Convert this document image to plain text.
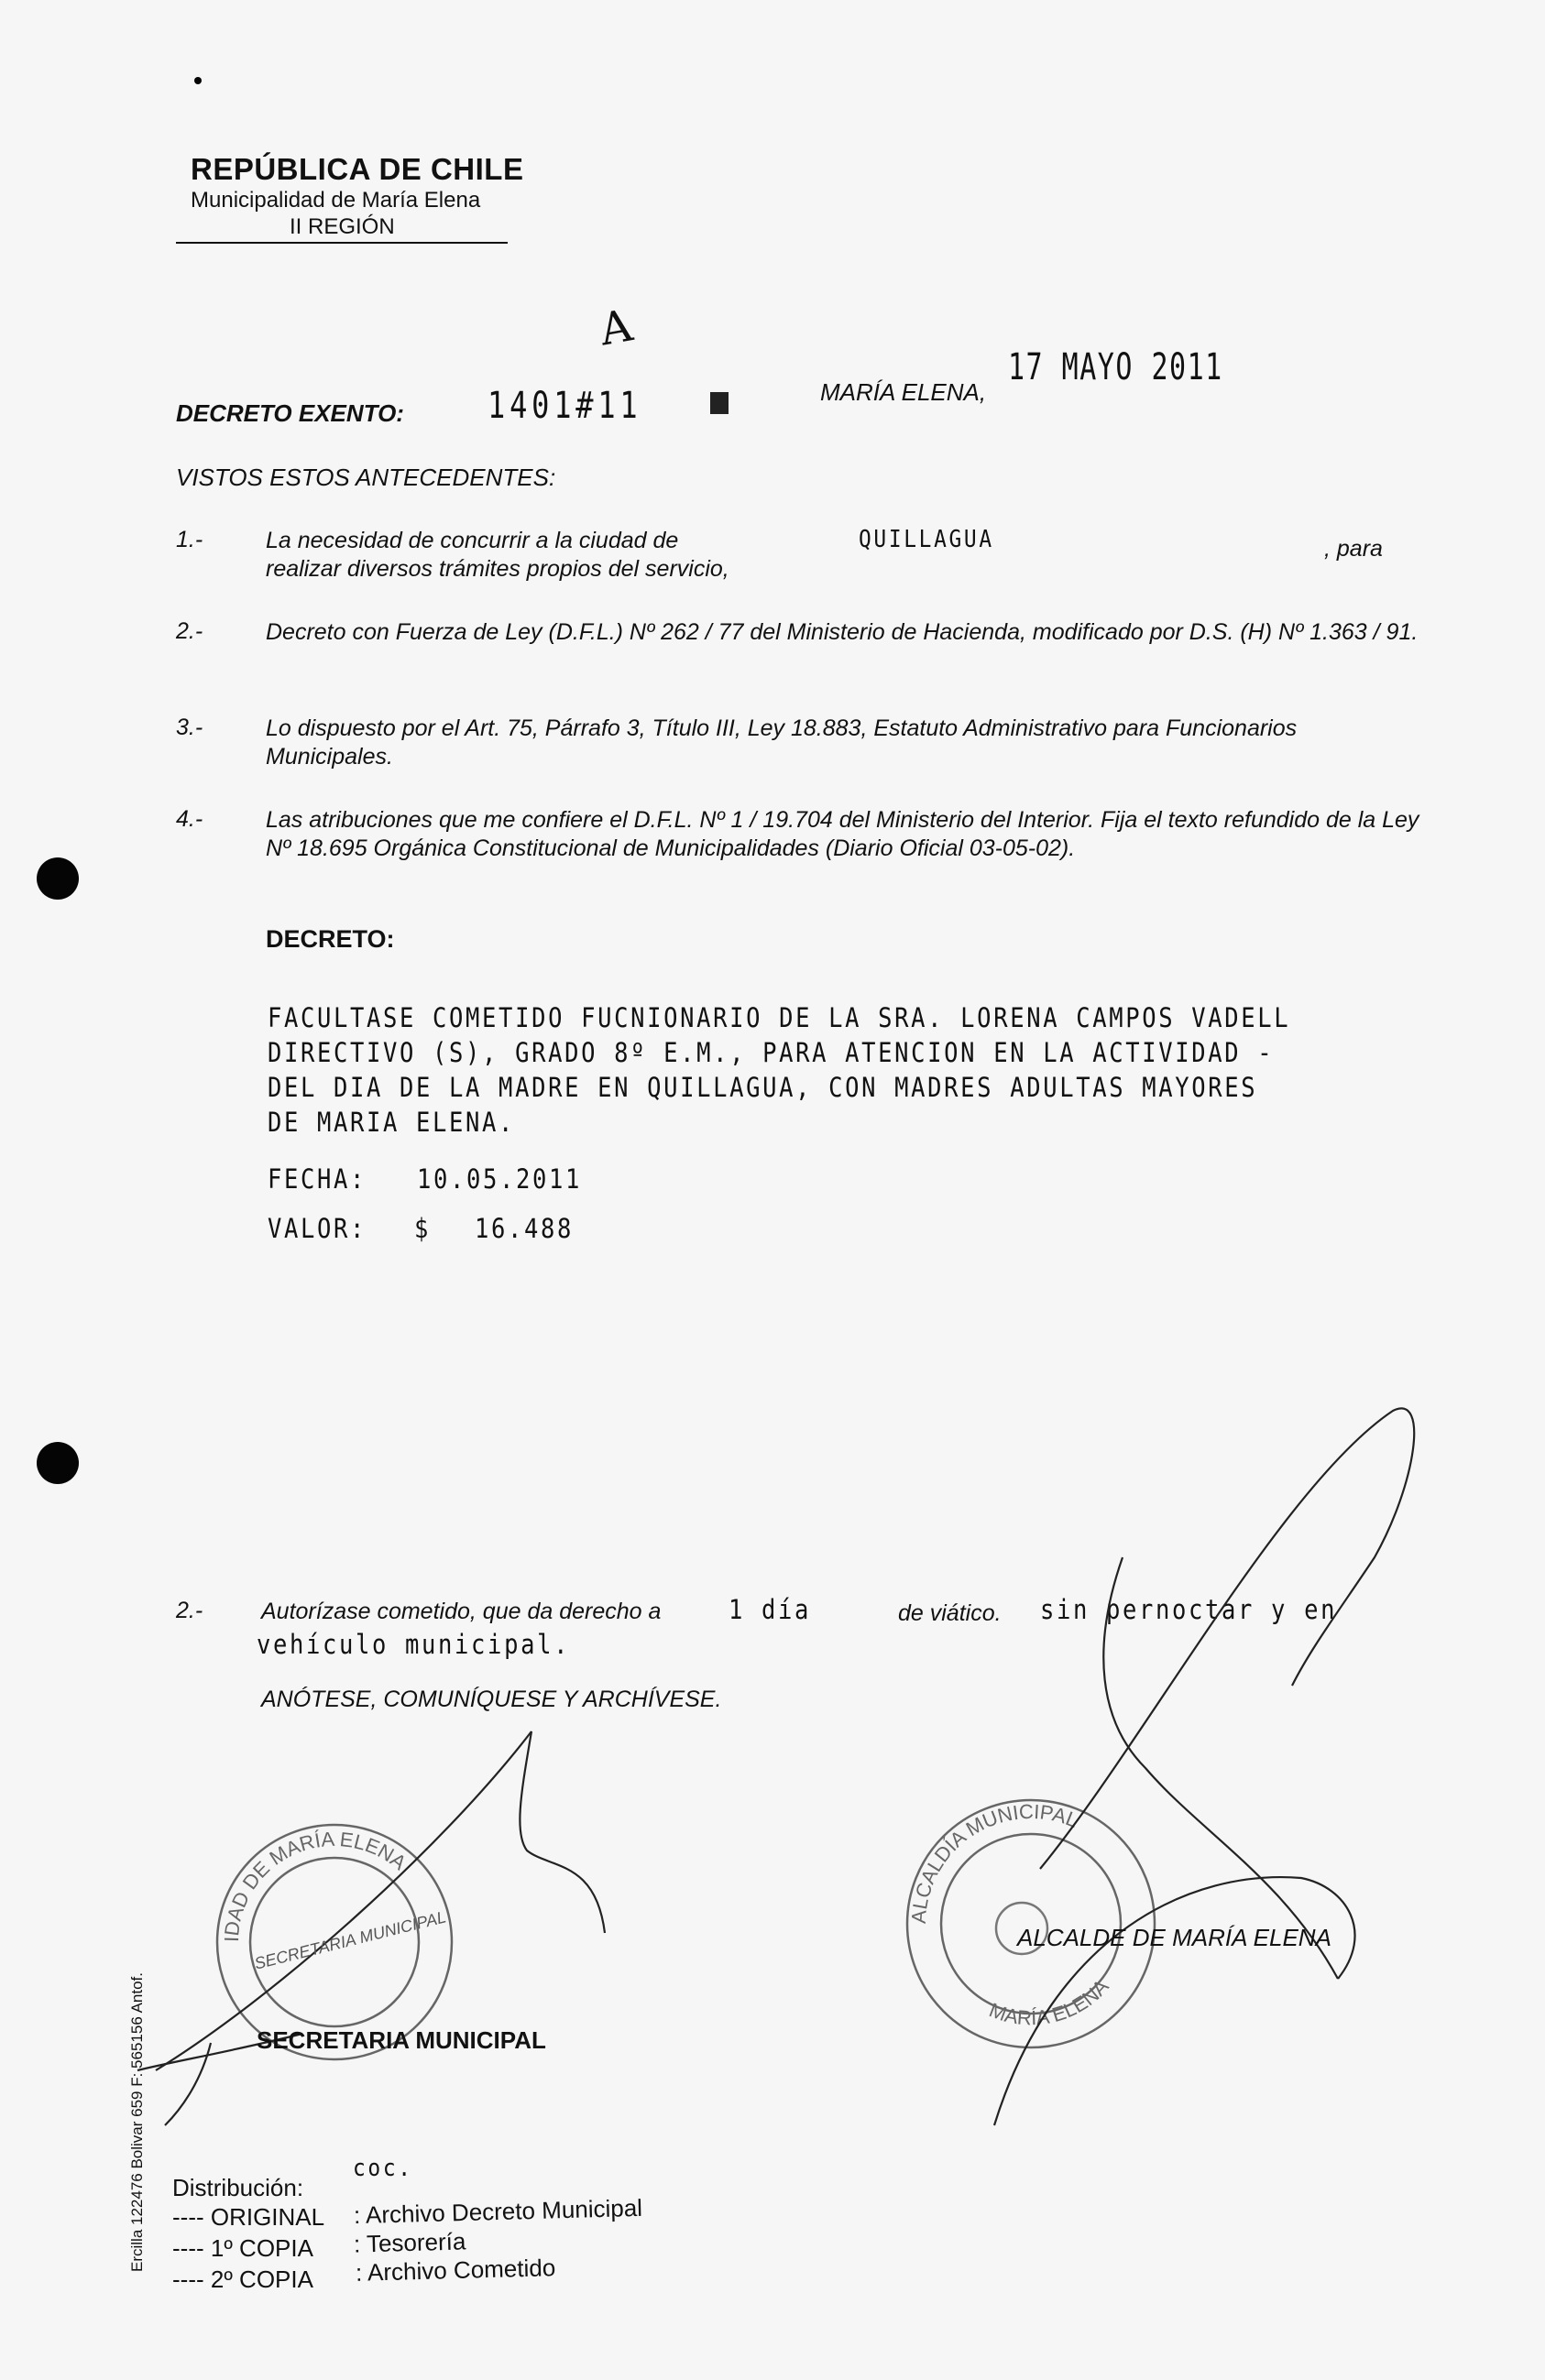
REPÚBLICA DE CHILE
Municipalidad de María Elena
II REGIÓN
A
DECRETO EXENTO: 1401#11	MARÍA ELENA,
17 MAYO 2011
VISTOS ESTOS ANTECEDENTES:
1.-	La necesidad de concurrir a la ciudad de
realizar diversos trámites propios del servicio,
QUILLAGUA	, para
2.-	Decreto con Fuerza de Ley (D.F.L.) Nº 262 / 77 del Ministerio de Hacienda, modificado por D.S. (H) Nº 1.363 / 91.
3.-	Lo dispuesto por el Art. 75, Párrafo 3, Título III, Ley 18.883, Estatuto Administrativo para Funcionarios Municipales.
4.-	Las atribuciones que me confiere el D.F.L. Nº 1 / 19.704 del Ministerio del Interior. Fija el texto refundido de la Ley Nº 18.695 Orgánica Constitucional de Municipalidades (Diario Oficial 03-05-02).
DECRETO:
FACULTASE COMETIDO FUCNIONARIO DE LA SRA. LORENA CAMPOS VADELL
DIRECTIVO (S), GRADO 8º E.M., PARA ATENCION EN LA ACTIVIDAD -
DEL DIA DE LA MADRE EN QUILLAGUA, CON MADRES ADULTAS MAYORES
DE MARIA ELENA.
FECHA: 10.05.2011
VALOR: $ 16.488
2.-	Autorízase cometido, que da derecho a	1 día	de viático. sin pernoctar y en
vehículo municipal.
ANÓTESE, COMUNÍQUESE Y ARCHÍVESE.
IDAD DE MARÍA ELENA
ALCALDÍA MUNICIPAL
MARÍA ELENA
SECRETARIA MUNICIPAL
ALCALDE DE MARÍA ELENA
SECRETARIA MUNICIPAL
Distribución:
coc.
---- ORIGINAL : Archivo Decreto Municipal
---- 1º COPIA : Tesorería
---- 2º COPIA : Archivo Cometido
Ercilla 122476 Bolivar 659 F: 565156 Antof.
